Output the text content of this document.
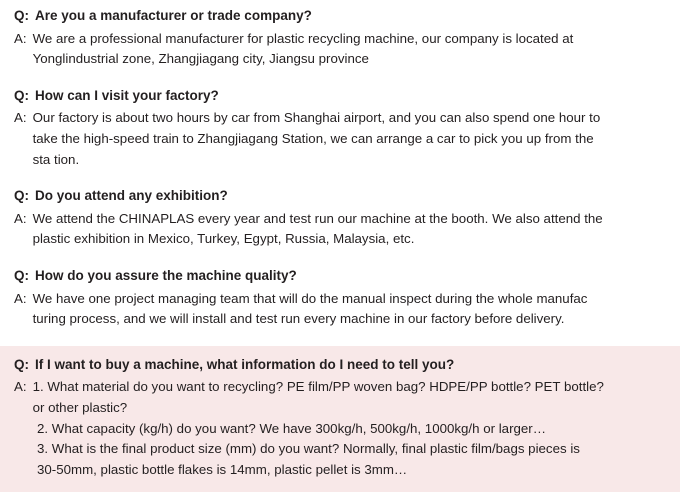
Q: Are you a manufacturer or trade company?
A: We are a professional manufacturer for plastic recycling machine, our company is located at
Yonglindustrial zone, Zhangjiagang city, Jiangsu province
Q: How can I visit your factory?
A: Our factory is about two hours by car from Shanghai airport, and you can also spend one hour to
take the high-speed train to Zhangjiagang Station, we can arrange a car to pick you up from the
sta tion.
Q: Do you attend any exhibition?
A: We attend the CHINAPLAS every year and test run our machine at the booth. We also attend the
plastic exhibition in Mexico, Turkey, Egypt, Russia, Malaysia, etc.
Q: How do you assure the machine quality?
A: We have one project managing team that will do the manual inspect during the whole manufac
turing process, and we will install and test run every machine in our factory before delivery.
Q: If I want to buy a machine, what information do I need to tell you?
A: 1. What material do you want to recycling? PE film/PP woven bag? HDPE/PP bottle? PET bottle?
or other plastic?
2. What capacity (kg/h) do you want? We have 300kg/h, 500kg/h, 1000kg/h or larger…
3. What is the final product size (mm) do you want? Normally, final plastic film/bags pieces is
30-50mm, plastic bottle flakes is 14mm, plastic pellet is 3mm…
